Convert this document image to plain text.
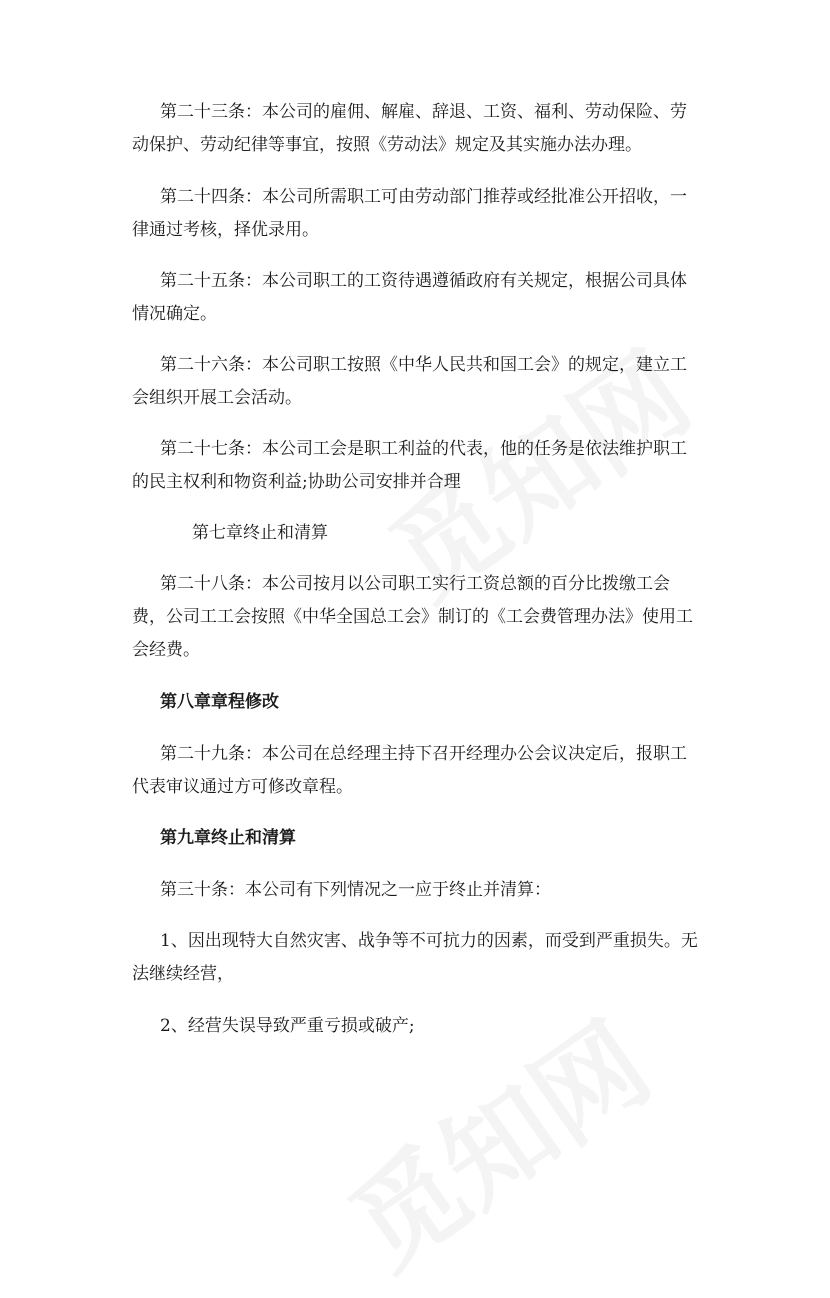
第二十三条：本公司的雇佣、解雇、辞退、工资、福利、劳动保险、劳动保护、劳动纪律等事宜，按照《劳动法》规定及其实施办法办理。

第二十四条：本公司所需职工可由劳动部门推荐或经批准公开招收，一律通过考核，择优录用。

第二十五条：本公司职工的工资待遇遵循政府有关规定，根据公司具体情况确定。

第二十六条：本公司职工按照《中华人民共和国工会》的规定，建立工会组织开展工会活动。

第二十七条：本公司工会是职工利益的代表，他的任务是依法维护职工的民主权利和物资利益;协助公司安排并合理

第七章终止和清算

第二十八条：本公司按月以公司职工实行工资总额的百分比拨缴工会费，公司工工会按照《中华全国总工会》制订的《工会费管理办法》使用工会经费。

第八章章程修改

第二十九条：本公司在总经理主持下召开经理办公会议决定后，报职工代表审议通过方可修改章程。

第九章终止和清算

第三十条：本公司有下列情况之一应于终止并清算：

1、因出现特大自然灾害、战争等不可抗力的因素，而受到严重损失。无法继续经营，

2、经营失误导致严重亏损或破产;
